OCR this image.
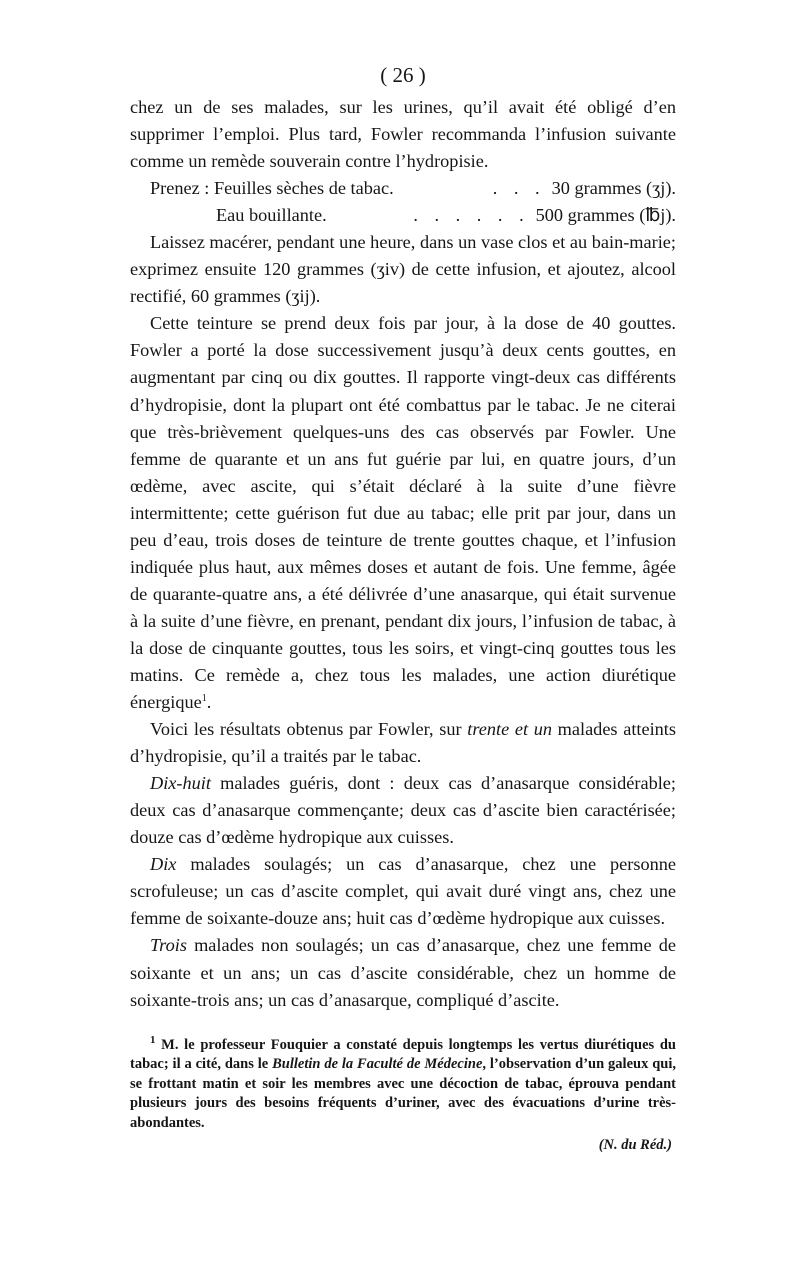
( 26 )

chez un de ses malades, sur les urines, qu’il avait été obligé d’en supprimer l’emploi. Plus tard, Fowler recommanda l’infusion suivante comme un remède souverain contre l’hydropisie.

Prenez : Feuilles sèches de tabac.	. . . 30 grammes (ʒj).
Eau bouillante.	. . . . . . 500 grammes (℔j).

Laissez macérer, pendant une heure, dans un vase clos et au bain-marie; exprimez ensuite 120 grammes (ʒiv) de cette infusion, et ajoutez, alcool rectifié, 60 grammes (ʒij).

Cette teinture se prend deux fois par jour, à la dose de 40 gouttes. Fowler a porté la dose successivement jusqu’à deux cents gouttes, en augmentant par cinq ou dix gouttes. Il rapporte vingt-deux cas différents d’hydropisie, dont la plupart ont été combattus par le tabac. Je ne citerai que très-brièvement quelques-uns des cas observés par Fowler. Une femme de quarante et un ans fut guérie par lui, en quatre jours, d’un œdème, avec ascite, qui s’était déclaré à la suite d’une fièvre intermittente; cette guérison fut due au tabac; elle prit par jour, dans un peu d’eau, trois doses de teinture de trente gouttes chaque, et l’infusion indiquée plus haut, aux mêmes doses et autant de fois. Une femme, âgée de quarante-quatre ans, a été délivrée d’une anasarque, qui était survenue à la suite d’une fièvre, en prenant, pendant dix jours, l’infusion de tabac, à la dose de cinquante gouttes, tous les soirs, et vingt-cinq gouttes tous les matins. Ce remède a, chez tous les malades, une action diurétique énergique$^1$.

Voici les résultats obtenus par Fowler, sur trente et un malades atteints d’hydropisie, qu’il a traités par le tabac.

Dix-huit malades guéris, dont : deux cas d’anasarque considérable; deux cas d’anasarque commençante; deux cas d’ascite bien caractérisée; douze cas d’œdème hydropique aux cuisses.

Dix malades soulagés; un cas d’anasarque, chez une personne scrofuleuse; un cas d’ascite complet, qui avait duré vingt ans, chez une femme de soixante-douze ans; huit cas d’œdème hydropique aux cuisses.

Trois malades non soulagés; un cas d’anasarque, chez une femme de soixante et un ans; un cas d’ascite considérable, chez un homme de soixante-trois ans; un cas d’anasarque, compliqué d’ascite.

$^1$ M. le professeur Fouquier a constaté depuis longtemps les vertus diurétiques du tabac; il a cité, dans le Bulletin de la Faculté de Médecine, l’observation d’un galeux qui, se frottant matin et soir les membres avec une décoction de tabac, éprouva pendant plusieurs jours des besoins fréquents d’uriner, avec des évacuations d’urine très-abondantes.

(N. du Réd.)
